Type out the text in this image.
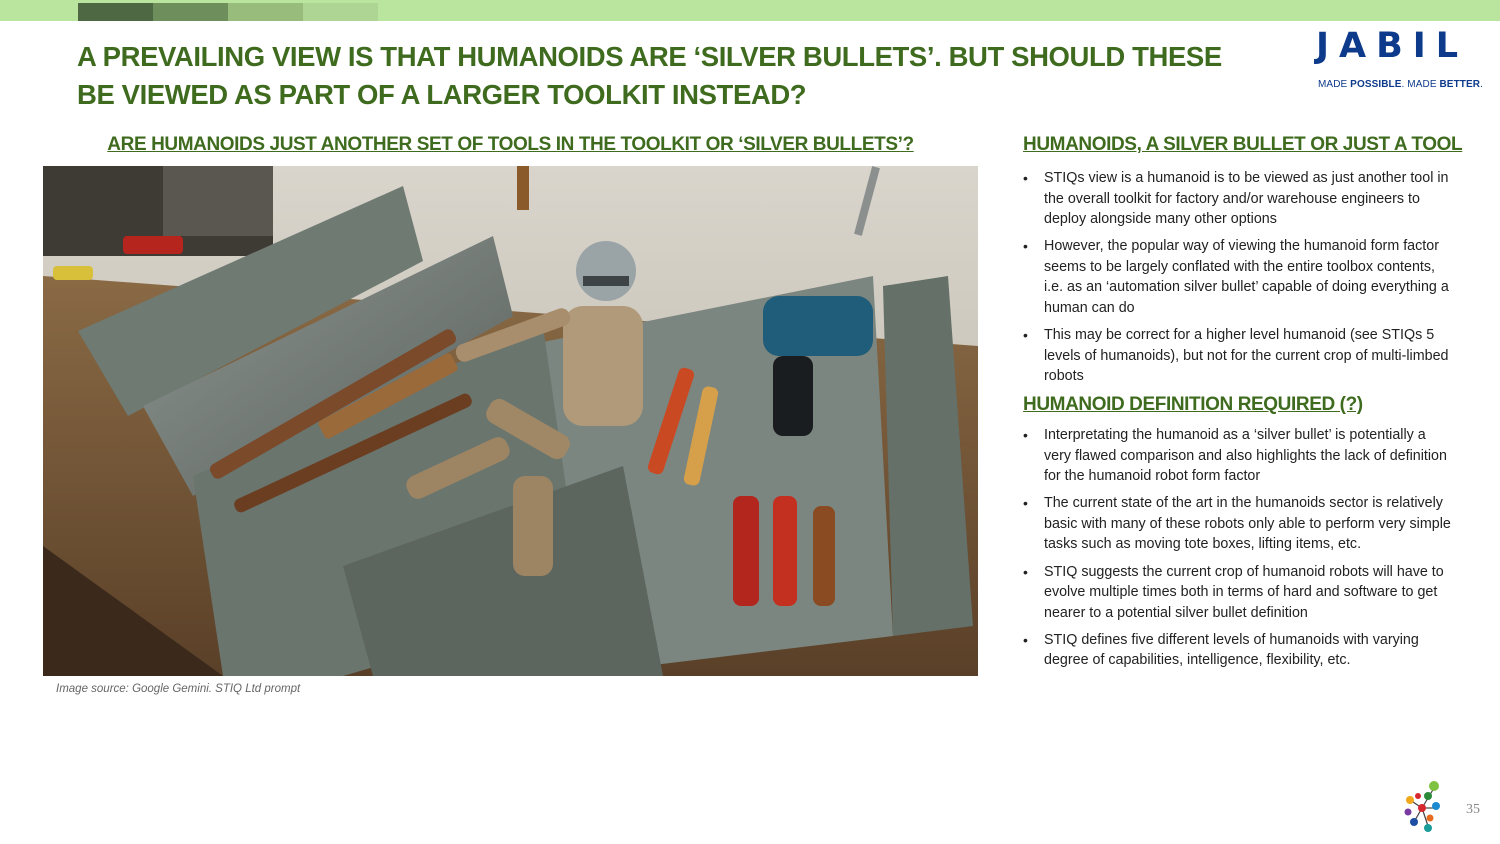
A PREVAILING VIEW IS THAT HUMANOIDS ARE ‘SILVER BULLETS’. BUT SHOULD THESE
BE VIEWED AS PART OF A LARGER TOOLKIT INSTEAD?
JABIL
MADE POSSIBLE. MADE BETTER.
ARE HUMANOIDS JUST ANOTHER SET OF TOOLS IN THE TOOLKIT OR ‘SILVER BULLETS’?
Image source: Google Gemini. STIQ Ltd prompt
HUMANOIDS, A SILVER BULLET OR JUST A TOOL
• STIQs view is a humanoid is to be viewed as just another tool in the overall toolkit for factory and/or warehouse engineers to deploy alongside many other options
• However, the popular way of viewing the humanoid form factor seems to be largely conflated with the entire toolbox contents, i.e. as an ‘automation silver bullet’ capable of doing everything a human can do
• This may be correct for a higher level humanoid (see STIQs 5 levels of humanoids), but not for the current crop of multi-limbed robots
HUMANOID DEFINITION REQUIRED (?)
• Interpretating the humanoid as a ‘silver bullet’ is potentially a very flawed comparison and also highlights the lack of definition for the humanoid robot form factor
• The current state of the art in the humanoids sector is relatively basic with many of these robots only able to perform very simple tasks such as moving tote boxes, lifting items, etc.
• STIQ suggests the current crop of humanoid robots will have to evolve multiple times both in terms of hard and software to get nearer to a potential silver bullet definition
• STIQ defines five different levels of humanoids with varying degree of capabilities, intelligence, flexibility, etc.
35
